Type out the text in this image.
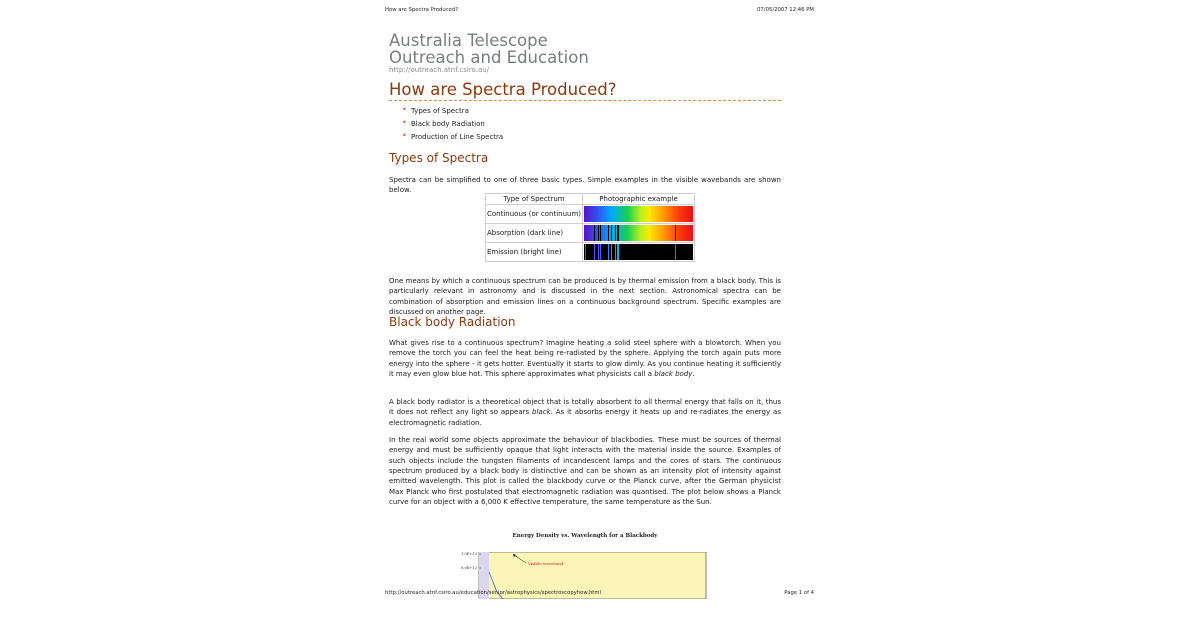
How are Spectra Produced?	07/05/2007 12:46 PM
Australia Telescope
Outreach and Education
http://outreach.atnf.csiro.au/
How are Spectra Produced?
• Types of Spectra
• Black body Radiation
• Production of Line Spectra
Types of Spectra

Spectra can be simplified to one of three basic types. Simple examples in the visible wavebands are shown below.

Type of Spectrum	Photographic example
Continuous (or continuum)	

Absorption (dark line)	

Emission (bright line)	

One means by which a continuous spectrum can be produced is by thermal emission from a black body. This is particularly relevant in astronomy and is discussed in the next section. Astronomical spectra can be combination of absorption and emission lines on a continuous background spectrum. Specific examples are discussed on another page.

Black body Radiation

What gives rise to a continuous spectrum? Imagine heating a solid steel sphere with a blowtorch. When you remove the torch you can feel the heat being re-radiated by the sphere. Applying the torch again puts more energy into the sphere - it gets hotter. Eventually it starts to glow dimly. As you continue heating it sufficiently it may even glow blue hot. This sphere approximates what physicists call a black body.

A black body radiator is a theoretical object that is totally absorbent to all thermal energy that falls on it, thus it does not reflect any light so appears black. As it absorbs energy it heats up and re-radiates the energy as electromagnetic radiation.

In the real world some objects approximate the behaviour of blackbodies. These must be sources of thermal energy and must be sufficiently opaque that light interacts with the material inside the source. Examples of such objects include the tungsten filaments of incandescent lamps and the cores of stars. The continuous spectrum produced by a black body is distinctive and can be shown as an intensity plot of intensity against emitted wavelength. This plot is called the blackbody curve or the Planck curve, after the German physicist Max Planck who first postulated that electromagnetic radiation was quantised. The plot below shows a Planck curve for an object with a 6,000 K effective temperature, the same temperature as the Sun.

Energy Density vs. Wavelength for a Blackbody
1.0E+13
8.0E+12
Visible waveband
http://outreach.atnf.csiro.au/education/senior/astrophysics/spectroscopyhow.html	Page 1 of 4
